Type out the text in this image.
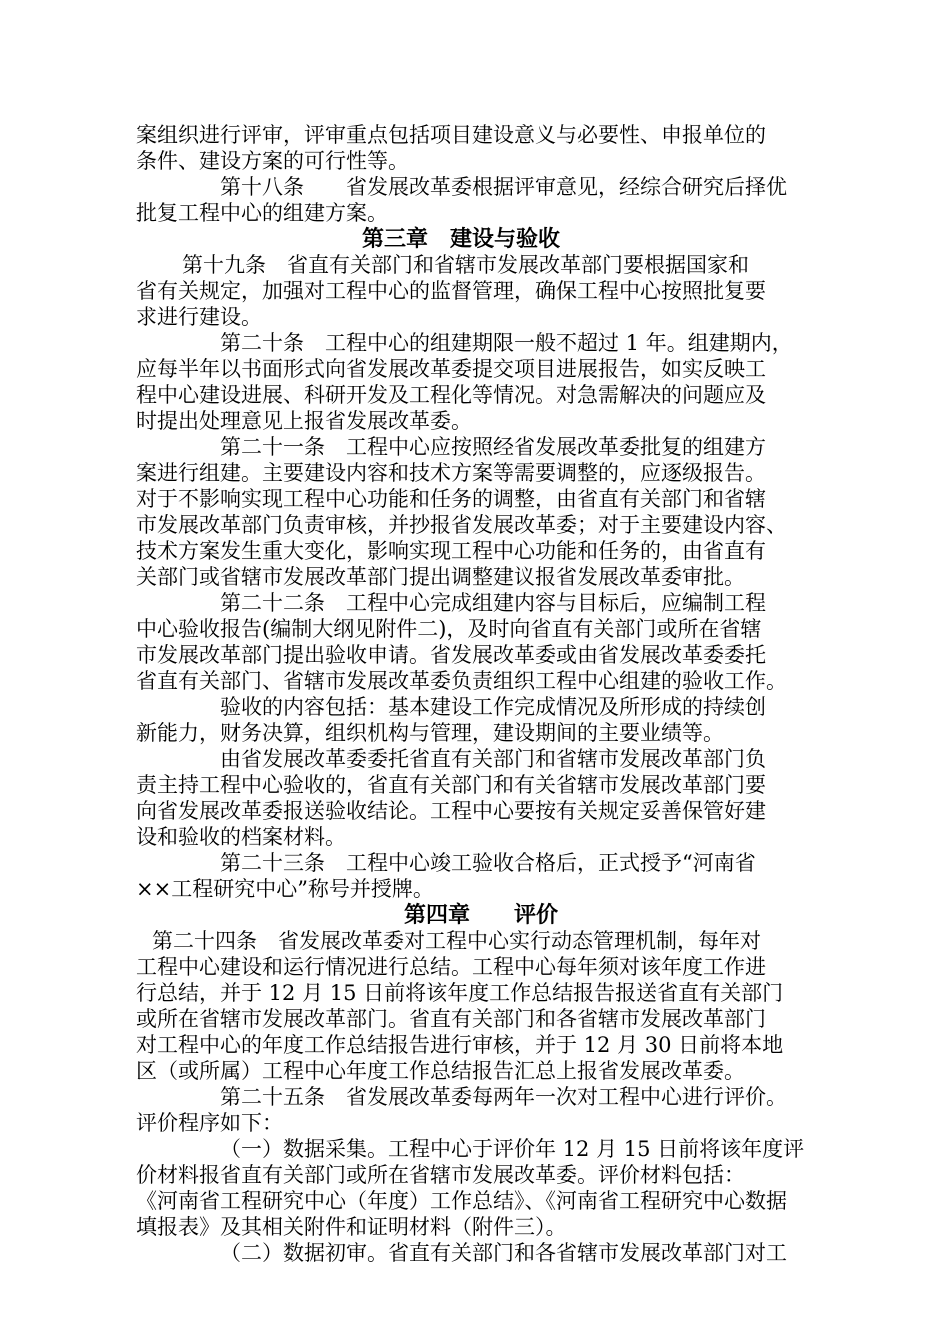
案组织进行评审，评审重点包括项目建设意义与必要性、申报单位的
条件、建设方案的可行性等。
第十八条　　省发展改革委根据评审意见，经综合研究后择优
批复工程中心的组建方案。
第三章　建设与验收
第十九条　省直有关部门和省辖市发展改革部门要根据国家和
省有关规定，加强对工程中心的监督管理，确保工程中心按照批复要
求进行建设。
第二十条　工程中心的组建期限一般不超过 1 年。组建期内，
应每半年以书面形式向省发展改革委提交项目进展报告，如实反映工
程中心建设进展、科研开发及工程化等情况。对急需解决的问题应及
时提出处理意见上报省发展改革委。
第二十一条　工程中心应按照经省发展改革委批复的组建方
案进行组建。主要建设内容和技术方案等需要调整的，应逐级报告。
对于不影响实现工程中心功能和任务的调整，由省直有关部门和省辖
市发展改革部门负责审核，并抄报省发展改革委；对于主要建设内容、
技术方案发生重大变化，影响实现工程中心功能和任务的，由省直有
关部门或省辖市发展改革部门提出调整建议报省发展改革委审批。
第二十二条　工程中心完成组建内容与目标后，应编制工程
中心验收报告(编制大纲见附件二)，及时向省直有关部门或所在省辖
市发展改革部门提出验收申请。省发展改革委或由省发展改革委委托
省直有关部门、省辖市发展改革委负责组织工程中心组建的验收工作。
验收的内容包括：基本建设工作完成情况及所形成的持续创
新能力，财务决算，组织机构与管理，建设期间的主要业绩等。
由省发展改革委委托省直有关部门和省辖市发展改革部门负
责主持工程中心验收的，省直有关部门和有关省辖市发展改革部门要
向省发展改革委报送验收结论。工程中心要按有关规定妥善保管好建
设和验收的档案材料。
第二十三条　工程中心竣工验收合格后，正式授予“河南省
××工程研究中心”称号并授牌。
第四章　　评价
第二十四条　省发展改革委对工程中心实行动态管理机制，每年对
工程中心建设和运行情况进行总结。工程中心每年须对该年度工作进
行总结，并于 12 月 15 日前将该年度工作总结报告报送省直有关部门
或所在省辖市发展改革部门。省直有关部门和各省辖市发展改革部门
对工程中心的年度工作总结报告进行审核，并于 12 月 30 日前将本地
区（或所属）工程中心年度工作总结报告汇总上报省发展改革委。
第二十五条　省发展改革委每两年一次对工程中心进行评价。
评价程序如下：
（一）数据采集。工程中心于评价年 12 月 15 日前将该年度评
价材料报省直有关部门或所在省辖市发展改革委。评价材料包括：
《河南省工程研究中心（年度）工作总结》、《河南省工程研究中心数据
填报表》及其相关附件和证明材料（附件三）。
（二）数据初审。省直有关部门和各省辖市发展改革部门对工
